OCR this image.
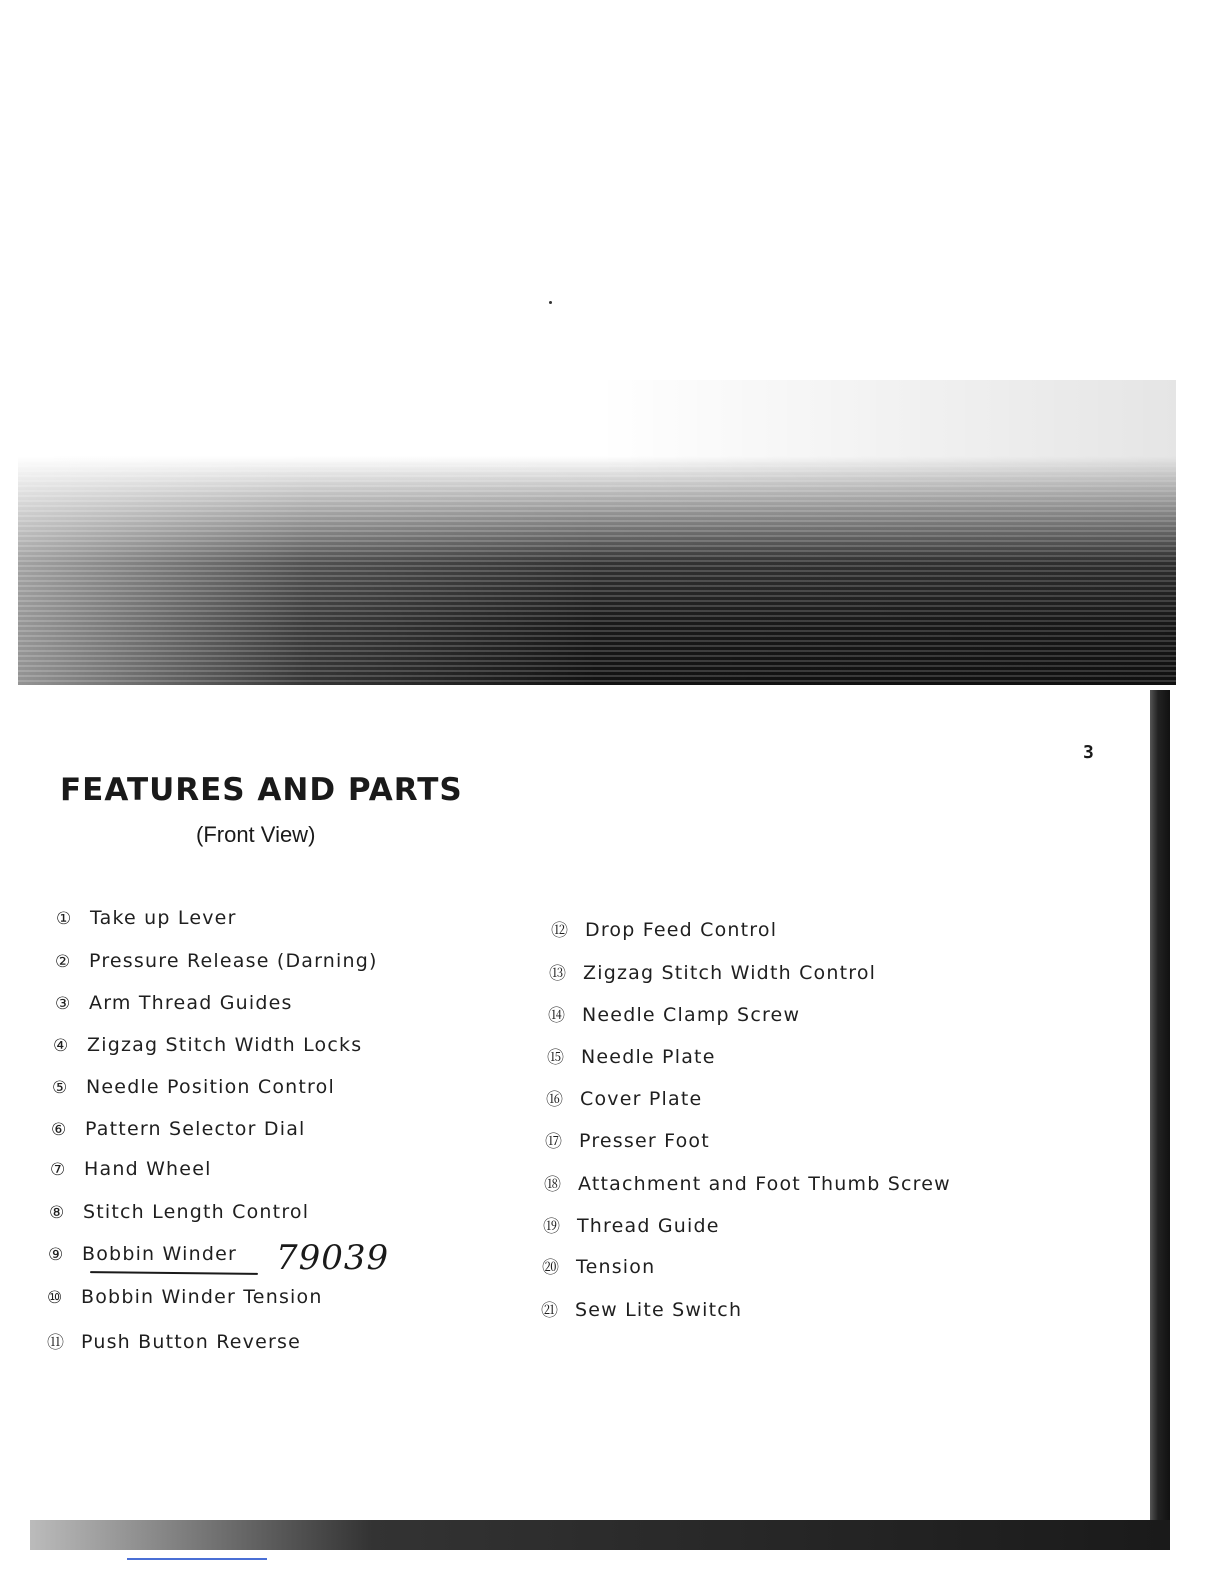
3
FEATURES AND PARTS
(Front View)
① Take up Lever
② Pressure Release (Darning)
③ Arm Thread Guides
④ Zigzag Stitch Width Locks
⑤ Needle Position Control
⑥ Pattern Selector Dial
⑦ Hand Wheel
⑧ Stitch Length Control
⑨ Bobbin Winder
⑩ Bobbin Winder Tension
⑪ Push Button Reverse
79039
⑫ Drop Feed Control
⑬ Zigzag Stitch Width Control
⑭ Needle Clamp Screw
⑮ Needle Plate
⑯ Cover Plate
⑰ Presser Foot
⑱ Attachment and Foot Thumb Screw
⑲ Thread Guide
⑳ Tension
㉑ Sew Lite Switch
